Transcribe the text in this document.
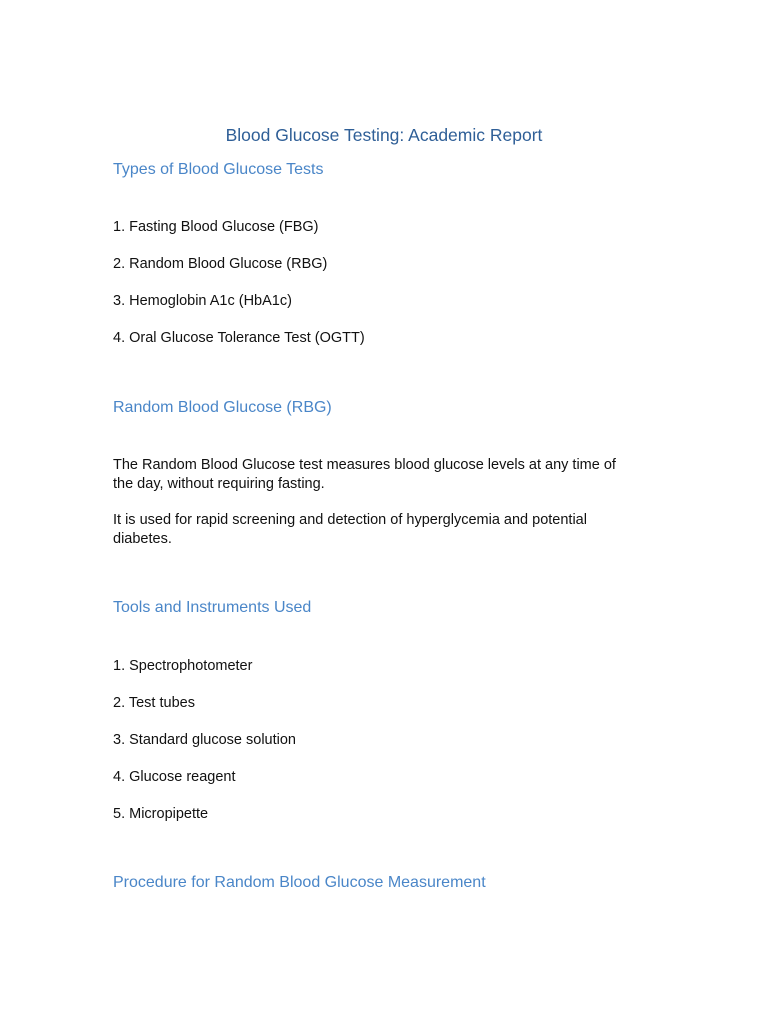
Blood Glucose Testing: Academic Report
Types of Blood Glucose Tests

1. Fasting Blood Glucose (FBG)

2. Random Blood Glucose (RBG)

3. Hemoglobin A1c (HbA1c)

4. Oral Glucose Tolerance Test (OGTT)

Random Blood Glucose (RBG)

The Random Blood Glucose test measures blood glucose levels at any time of

the day, without requiring fasting.

It is used for rapid screening and detection of hyperglycemia and potential

diabetes.

Tools and Instruments Used

1. Spectrophotometer

2. Test tubes

3. Standard glucose solution

4. Glucose reagent

5. Micropipette

Procedure for Random Blood Glucose Measurement
